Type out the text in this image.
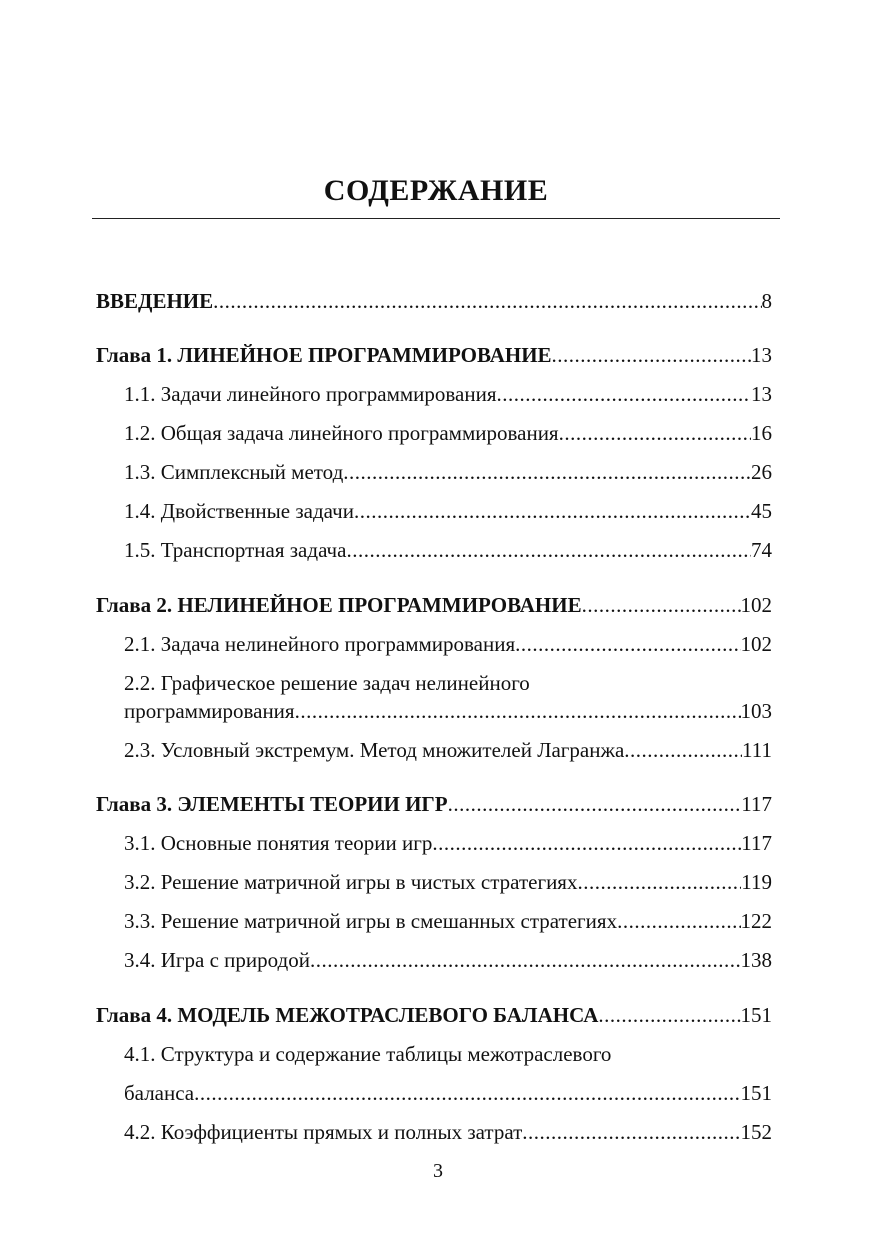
СОДЕРЖАНИЕ
ВВЕДЕНИЕ .....	8
Глава 1. ЛИНЕЙНОЕ ПРОГРАММИРОВАНИЕ .....	13
1.1. Задачи линейного программирования .....	13
1.2. Общая задача линейного программирования .....	16
1.3. Симплексный метод .....	26
1.4. Двойственные задачи .....	45
1.5. Транспортная задача .....	74
Глава 2. НЕЛИНЕЙНОЕ ПРОГРАММИРОВАНИЕ .....	102
2.1. Задача нелинейного программирования .....	102
2.2. Графическое решение задач нелинейного
программирования .....	103
2.3. Условный экстремум. Метод множителей Лагранжа .....	111
Глава 3. ЭЛЕМЕНТЫ ТЕОРИИ ИГР .....	117
3.1. Основные понятия теории игр .....	117
3.2. Решение матричной игры в чистых стратегиях .....	119
3.3. Решение матричной игры в смешанных стратегиях .....	122
3.4. Игра с природой .....	138
Глава 4. МОДЕЛЬ МЕЖОТРАСЛЕВОГО БАЛАНСА .....	151
4.1. Структура и содержание таблицы межотраслевого
баланса .....	151
4.2. Коэффициенты прямых и полных затрат .....	152
3
